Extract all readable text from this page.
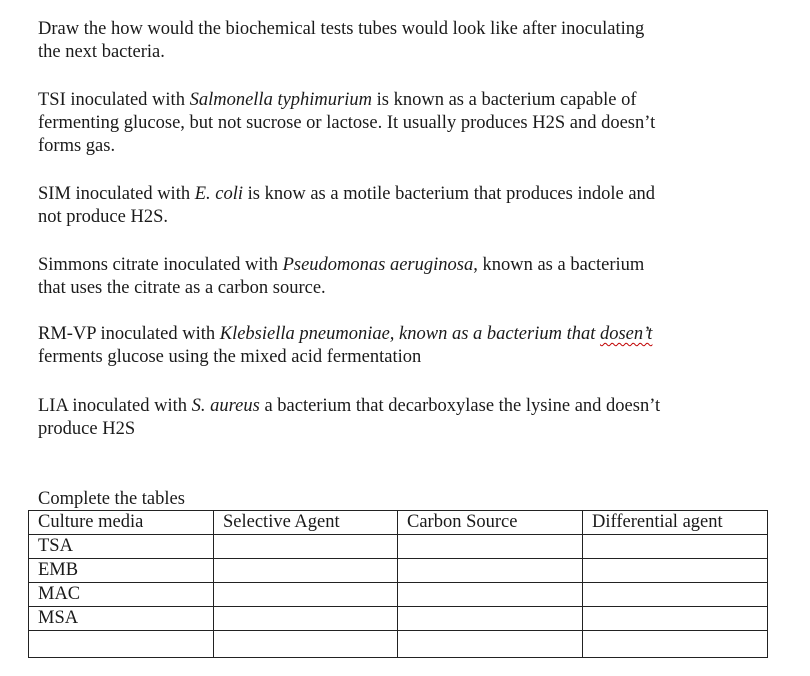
Draw the how would the biochemical tests tubes would look like after inoculating
the next bacteria.

TSI inoculated with Salmonella typhimurium is known as a bacterium capable of
fermenting glucose, but not sucrose or lactose. It usually produces H2S and doesn’t
forms gas.

SIM inoculated with E. coli is know as a motile bacterium that produces indole and
not produce H2S.

Simmons citrate inoculated with Pseudomonas aeruginosa, known as a bacterium
that uses the citrate as a carbon source.

RM-VP inoculated with Klebsiella pneumoniae, known as a bacterium that dosen’t
ferments glucose using the mixed acid fermentation

LIA inoculated with S. aureus a bacterium that decarboxylase the lysine and doesn’t
produce H2S

Complete the tables
Culture media	Selective Agent	Carbon Source	Differential agent
TSA			
EMB			
MAC			
MSA			
